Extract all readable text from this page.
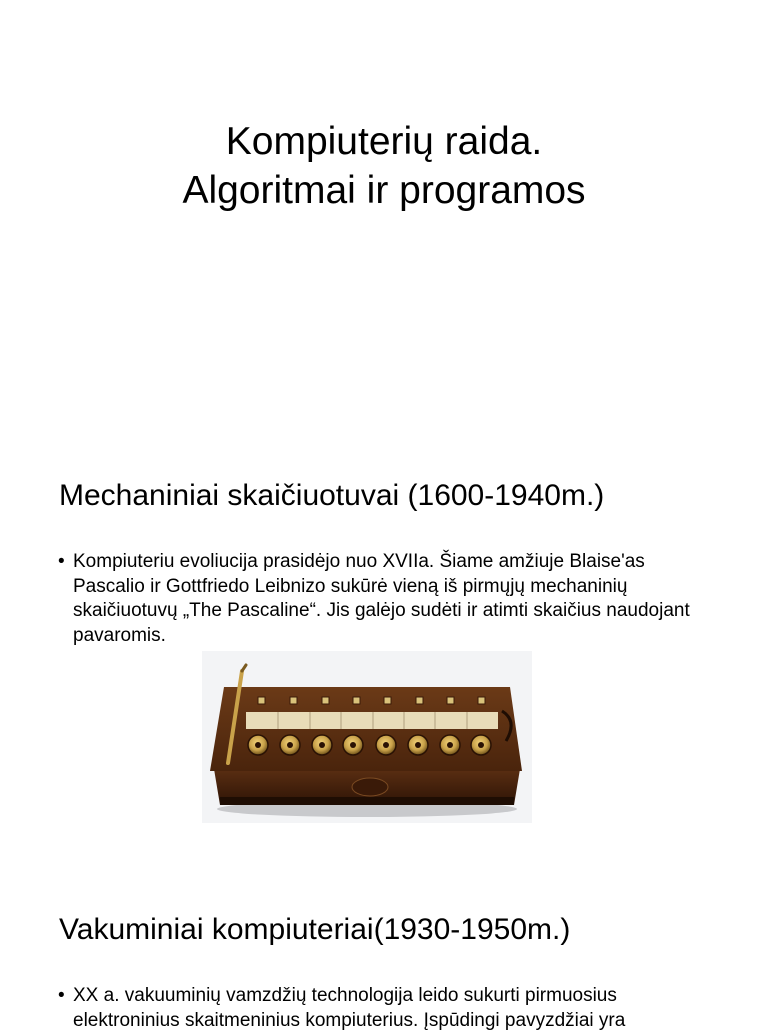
Kompiuterių raida.
Algoritmai ir programos
Mechaniniai skaičiuotuvai (1600-1940m.)

• Kompiuteriu evoliucija prasidėjo nuo XVIIa. Šiame amžiuje Blaise'as Pascalio ir Gottfriedo Leibnizo sukūrė vieną iš pirmųjų mechaninių skaičiuotuvų „The Pascaline“. Jis galėjo sudėti ir atimti skaičius naudojant pavaromis.

Vakuminiai kompiuteriai(1930-1950m.)

• XX a. vakuuminių vamzdžių technologija leido sukurti pirmuosius elektroninius skaitmeninius kompiuterius. Įspūdingi pavyzdžiai yra
